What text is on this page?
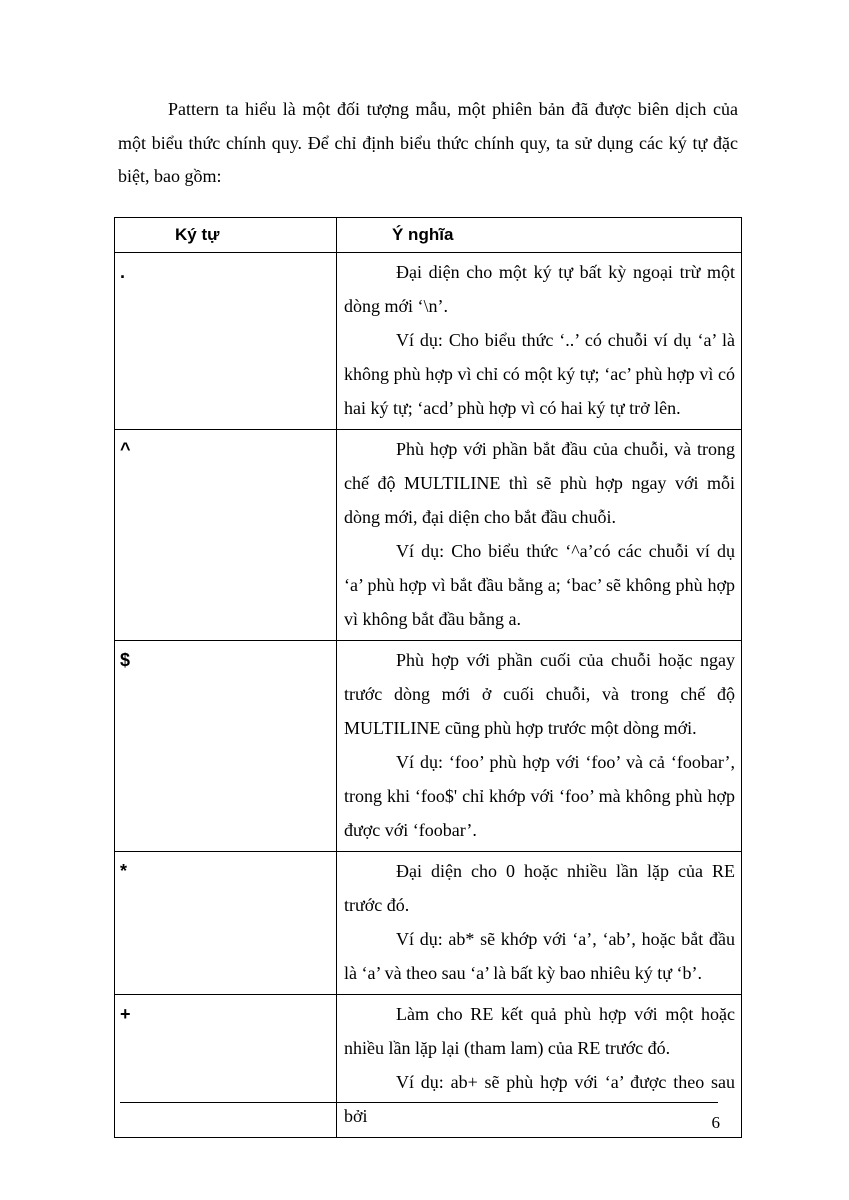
Pattern ta hiểu là một đối tượng mẫu, một phiên bản đã được biên dịch của một biểu thức chính quy. Để chỉ định biểu thức chính quy, ta sử dụng các ký tự đặc biệt, bao gồm:

Ký tự	Ý nghĩa
.	Đại diện cho một ký tự bất kỳ ngoại trừ một dòng mới ‘\n’.

Ví dụ: Cho biểu thức ‘..’ có chuỗi ví dụ ‘a’ là không phù hợp vì chỉ có một ký tự; ‘ac’ phù hợp vì có hai ký tự; ‘acd’ phù hợp vì có hai ký tự trở lên.

^	Phù hợp với phần bắt đầu của chuỗi, và trong chế độ MULTILINE thì sẽ phù hợp ngay với mỗi dòng mới, đại diện cho bắt đầu chuỗi.

Ví dụ: Cho biểu thức ‘^a’có các chuỗi ví dụ ‘a’ phù hợp vì bắt đầu bằng a; ‘bac’ sẽ không phù hợp vì không bắt đầu bằng a.

$	Phù hợp với phần cuối của chuỗi hoặc ngay trước dòng mới ở cuối chuỗi, và trong chế độ MULTILINE cũng phù hợp trước một dòng mới.

Ví dụ: ‘foo’ phù hợp với ‘foo’ và cả ‘foobar’, trong khi ‘foo$' chỉ khớp với ‘foo’ mà không phù hợp được với ‘foobar’.

*	Đại diện cho 0 hoặc nhiều lần lặp của RE trước đó.

Ví dụ: ab* sẽ khớp với ‘a’, ‘ab’, hoặc bắt đầu là ‘a’ và theo sau ‘a’ là bất kỳ bao nhiêu ký tự ‘b’.

+	Làm cho RE kết quả phù hợp với một hoặc nhiều lần lặp lại (tham lam) của RE trước đó.

Ví dụ: ab+ sẽ phù hợp với ‘a’ được theo sau bởi	6
